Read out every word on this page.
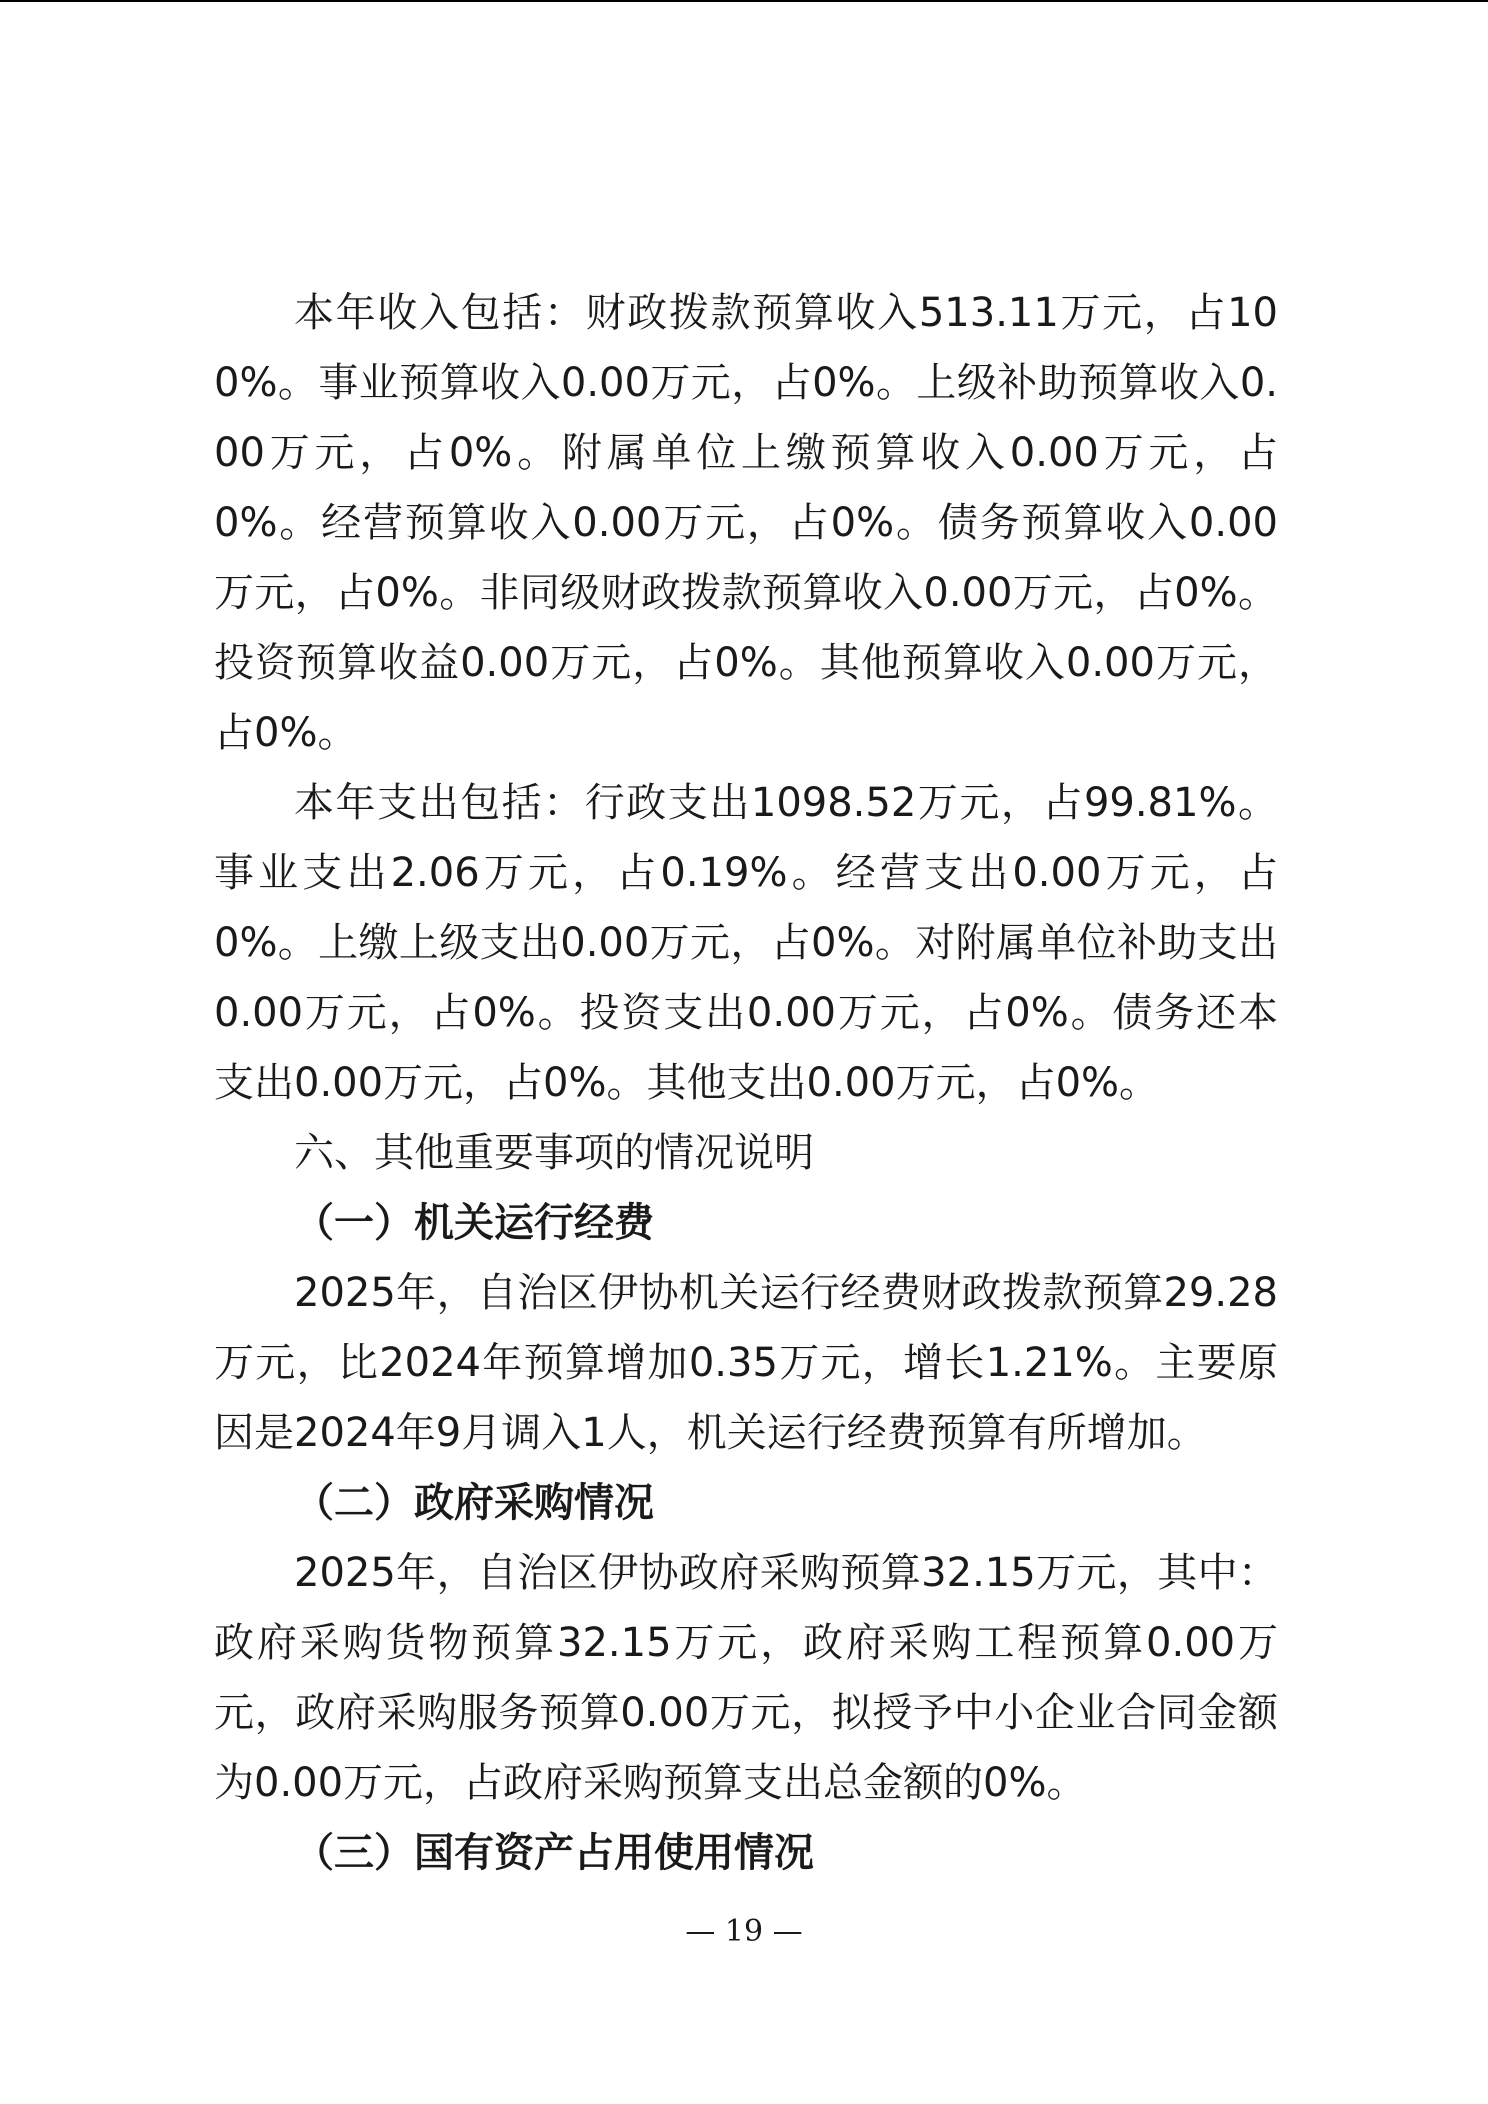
本年收入包括：财政拨款预算收入513.11万元，占100%。事业预算收入0.00万元，占0%。上级补助预算收入0.00万元，占0%。附属单位上缴预算收入0.00万元，占0%。经营预算收入0.00万元，占0%。债务预算收入0.00万元，占0%。非同级财政拨款预算收入0.00万元，占0%。投资预算收益0.00万元，占0%。其他预算收入0.00万元，占0%。

本年支出包括：行政支出1098.52万元，占99.81%。事业支出2.06万元，占0.19%。经营支出0.00万元，占0%。上缴上级支出0.00万元，占0%。对附属单位补助支出0.00万元，占0%。投资支出0.00万元，占0%。债务还本支出0.00万元，占0%。其他支出0.00万元，占0%。

六、其他重要事项的情况说明

（一）机关运行经费

2025年，自治区伊协机关运行经费财政拨款预算29.28万元，比2024年预算增加0.35万元，增长1.21%。主要原因是2024年9月调入1人，机关运行经费预算有所增加。

（二）政府采购情况

2025年，自治区伊协政府采购预算32.15万元，其中：政府采购货物预算32.15万元，政府采购工程预算0.00万元，政府采购服务预算0.00万元，拟授予中小企业合同金额为0.00万元，占政府采购预算支出总金额的0%。

（三）国有资产占用使用情况

— 19 —
